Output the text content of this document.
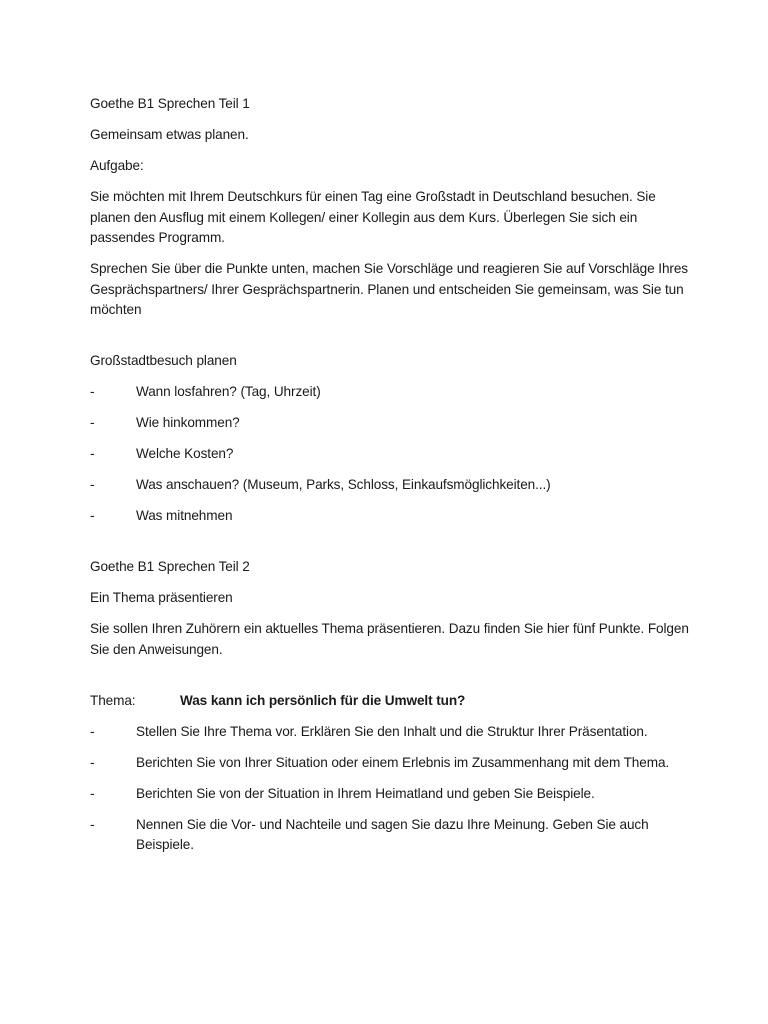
Goethe B1 Sprechen Teil 1

Gemeinsam etwas planen.

Aufgabe:

Sie möchten mit Ihrem Deutschkurs für einen Tag eine Großstadt in Deutschland besuchen. Sie planen den Ausflug mit einem Kollegen/ einer Kollegin aus dem Kurs. Überlegen Sie sich ein passendes Programm.

Sprechen Sie über die Punkte unten, machen Sie Vorschläge und reagieren Sie auf Vorschläge Ihres Gesprächspartners/ Ihrer Gesprächspartnerin. Planen und entscheiden Sie gemeinsam, was Sie tun möchten

Großstadtbesuch planen

-	Wann losfahren? (Tag, Uhrzeit)
-	Wie hinkommen?
-	Welche Kosten?
-	Was anschauen? (Museum, Parks, Schloss, Einkaufsmöglichkeiten...)
-	Was mitnehmen

Goethe B1 Sprechen Teil 2

Ein Thema präsentieren

Sie sollen Ihren Zuhörern ein aktuelles Thema präsentieren. Dazu finden Sie hier fünf Punkte. Folgen Sie den Anweisungen.

Thema:	Was kann ich persönlich für die Umwelt tun?
-	Stellen Sie Ihre Thema vor. Erklären Sie den Inhalt und die Struktur Ihrer Präsentation.
-	Berichten Sie von Ihrer Situation oder einem Erlebnis im Zusammenhang mit dem Thema.
-	Berichten Sie von der Situation in Ihrem Heimatland und geben Sie Beispiele.
-	Nennen Sie die Vor- und Nachteile und sagen Sie dazu Ihre Meinung. Geben Sie auch Beispiele.
